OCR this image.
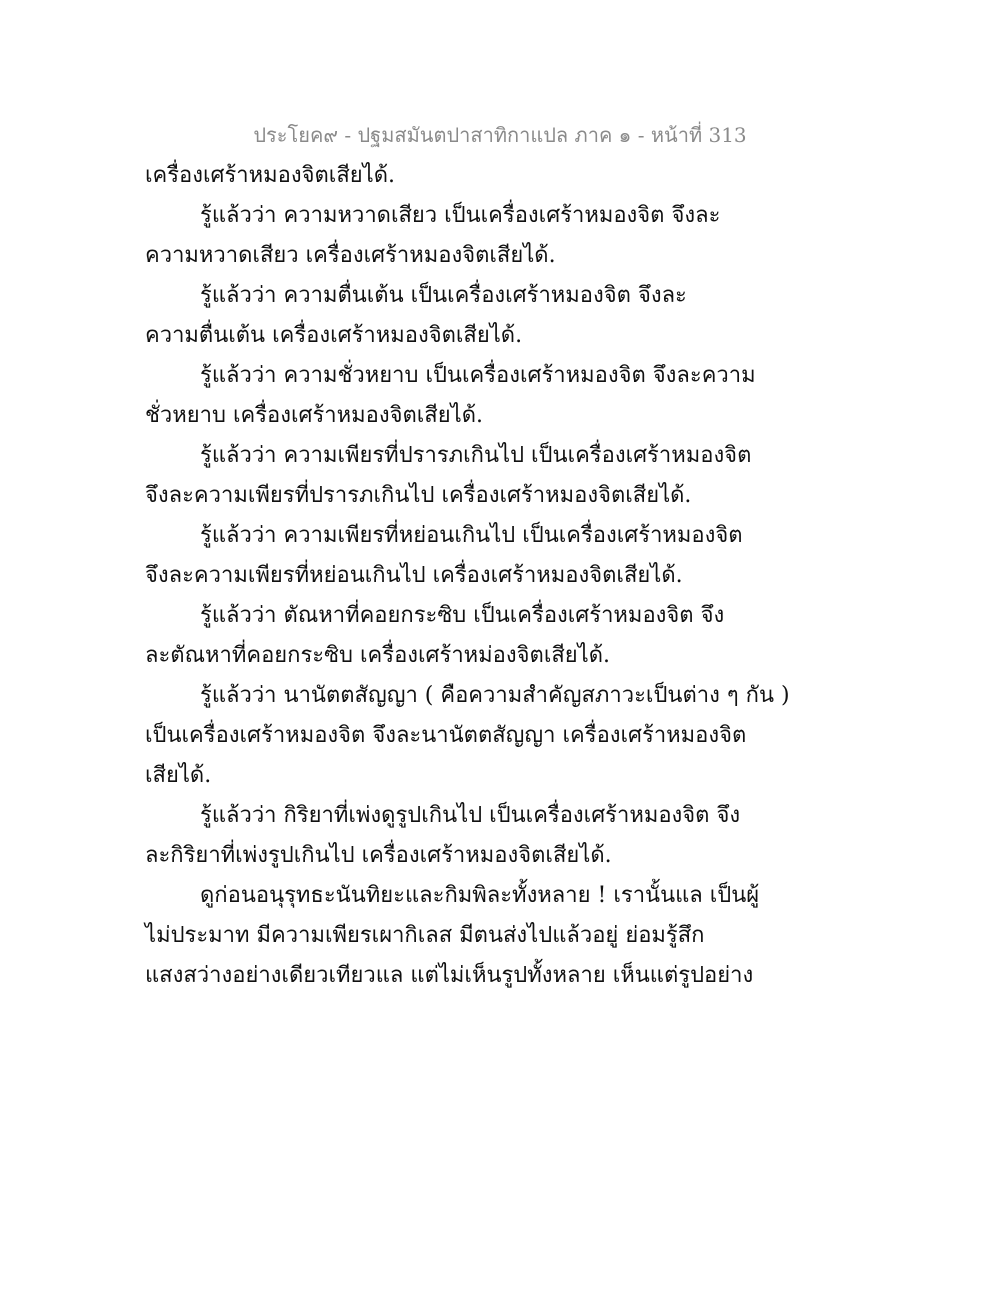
ประโยค๙ - ปฐมสมันตปาสาทิกาแปล ภาค ๑ - หน้าที่ 313
เครื่องเศร้าหมองจิตเสียได้.
รู้แล้วว่า ความหวาดเสียว เป็นเครื่องเศร้าหมองจิต จึงละ
ความหวาดเสียว เครื่องเศร้าหมองจิตเสียได้.
รู้แล้วว่า ความตื่นเต้น เป็นเครื่องเศร้าหมองจิต จึงละ
ความตื่นเต้น เครื่องเศร้าหมองจิตเสียได้.
รู้แล้วว่า ความชั่วหยาบ เป็นเครื่องเศร้าหมองจิต จึงละความ
ชั่วหยาบ เครื่องเศร้าหมองจิตเสียได้.
รู้แล้วว่า ความเพียรที่ปรารภเกินไป เป็นเครื่องเศร้าหมองจิต
จึงละความเพียรที่ปรารภเกินไป เครื่องเศร้าหมองจิตเสียได้.
รู้แล้วว่า ความเพียรที่หย่อนเกินไป เป็นเครื่องเศร้าหมองจิต
จึงละความเพียรที่หย่อนเกินไป เครื่องเศร้าหมองจิตเสียได้.
รู้แล้วว่า ตัณหาที่คอยกระซิบ เป็นเครื่องเศร้าหมองจิต จึง
ละตัณหาที่คอยกระซิบ เครื่องเศร้าหม่องจิตเสียได้.
รู้แล้วว่า นานัตตสัญญา ( คือความสำคัญสภาวะเป็นต่าง ๆ กัน )
เป็นเครื่องเศร้าหมองจิต จึงละนานัตตสัญญา เครื่องเศร้าหมองจิต
เสียได้.
รู้แล้วว่า กิริยาที่เพ่งดูรูปเกินไป เป็นเครื่องเศร้าหมองจิต จึง
ละกิริยาที่เพ่งรูปเกินไป เครื่องเศร้าหมองจิตเสียได้.
ดูก่อนอนุรุทธะนันทิยะและกิมพิละทั้งหลาย ! เรานั้นแล เป็นผู้
ไม่ประมาท มีความเพียรเผากิเลส มีตนส่งไปแล้วอยู่ ย่อมรู้สึก
แสงสว่างอย่างเดียวเทียวแล แต่ไม่เห็นรูปทั้งหลาย เห็นแต่รูปอย่าง
